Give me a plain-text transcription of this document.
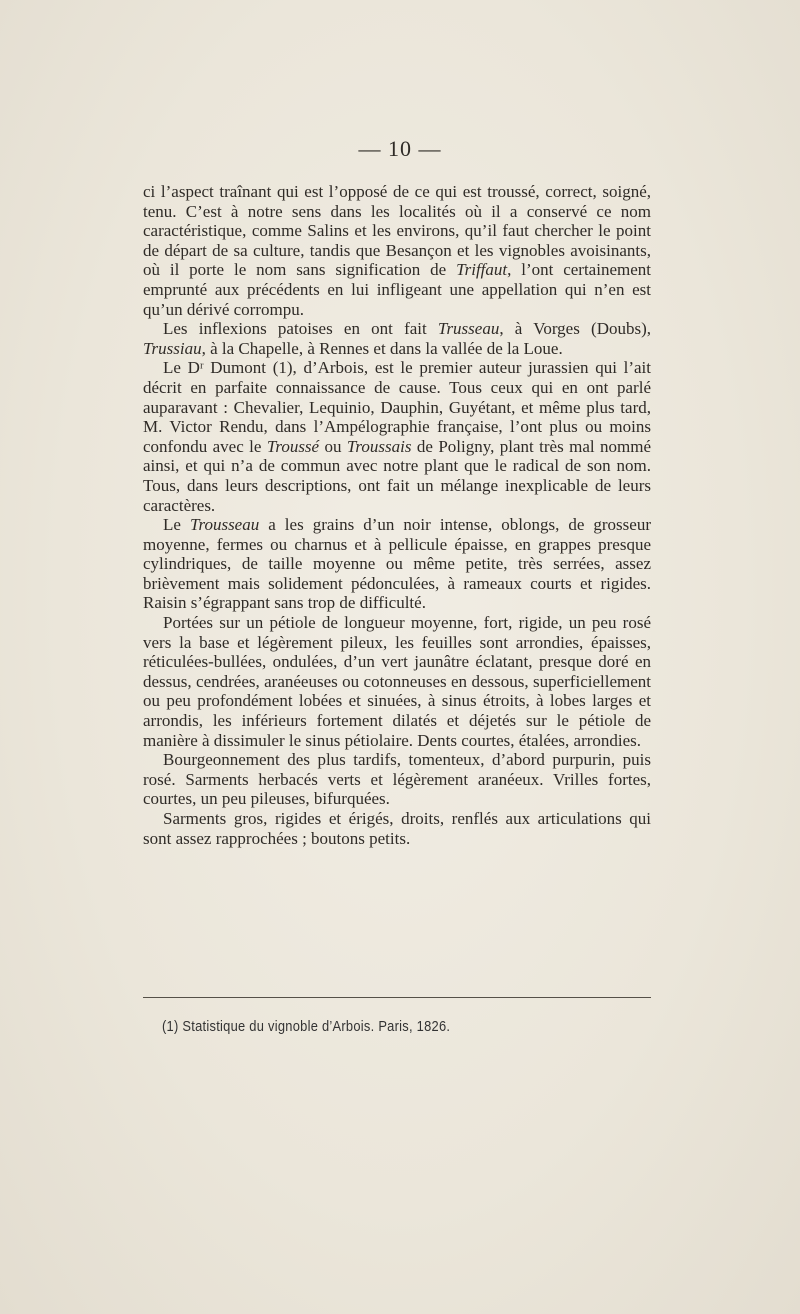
— 10 —

ci l’aspect traînant qui est l’opposé de ce qui est troussé, correct, soigné, tenu. C’est à notre sens dans les localités où il a conservé ce nom caractéristique, comme Salins et les environs, qu’il faut chercher le point de départ de sa culture, tandis que Besançon et les vignobles avoisinants, où il porte le nom sans signification de Triffaut, l’ont certainement emprunté aux précédents en lui infligeant une appellation qui n’en est qu’un dérivé corrompu.

Les inflexions patoises en ont fait Trusseau, à Vorges (Doubs), Trussiau, à la Chapelle, à Rennes et dans la vallée de la Loue.

Le Dʳ Dumont (1), d’Arbois, est le premier auteur jurassien qui l’ait décrit en parfaite connaissance de cause. Tous ceux qui en ont parlé auparavant : Chevalier, Lequinio, Dauphin, Guyétant, et même plus tard, M. Victor Rendu, dans l’Ampélographie française, l’ont plus ou moins confondu avec le Troussé ou Troussais de Poligny, plant très mal nommé ainsi, et qui n’a de commun avec notre plant que le radical de son nom. Tous, dans leurs descriptions, ont fait un mélange inexplicable de leurs caractères.

Le Trousseau a les grains d’un noir intense, oblongs, de grosseur moyenne, fermes ou charnus et à pellicule épaisse, en grappes presque cylindriques, de taille moyenne ou même petite, très serrées, assez brièvement mais solidement pédonculées, à rameaux courts et rigides. Raisin s’égrappant sans trop de difficulté.

Portées sur un pétiole de longueur moyenne, fort, rigide, un peu rosé vers la base et légèrement pileux, les feuilles sont arrondies, épaisses, réticulées-bullées, ondulées, d’un vert jaunâtre éclatant, presque doré en dessus, cendrées, aranéeuses ou cotonneuses en dessous, superficiellement ou peu profondément lobées et sinuées, à sinus étroits, à lobes larges et arrondis, les inférieurs fortement dilatés et déjetés sur le pétiole de manière à dissimuler le sinus pétiolaire. Dents courtes, étalées, arrondies.

Bourgeonnement des plus tardifs, tomenteux, d’abord purpurin, puis rosé. Sarments herbacés verts et légèrement aranéeux. Vrilles fortes, courtes, un peu pileuses, bifurquées.

Sarments gros, rigides et érigés, droits, renflés aux articulations qui sont assez rapprochées ; boutons petits.

(1) Statistique du vignoble d’Arbois. Paris, 1826.
